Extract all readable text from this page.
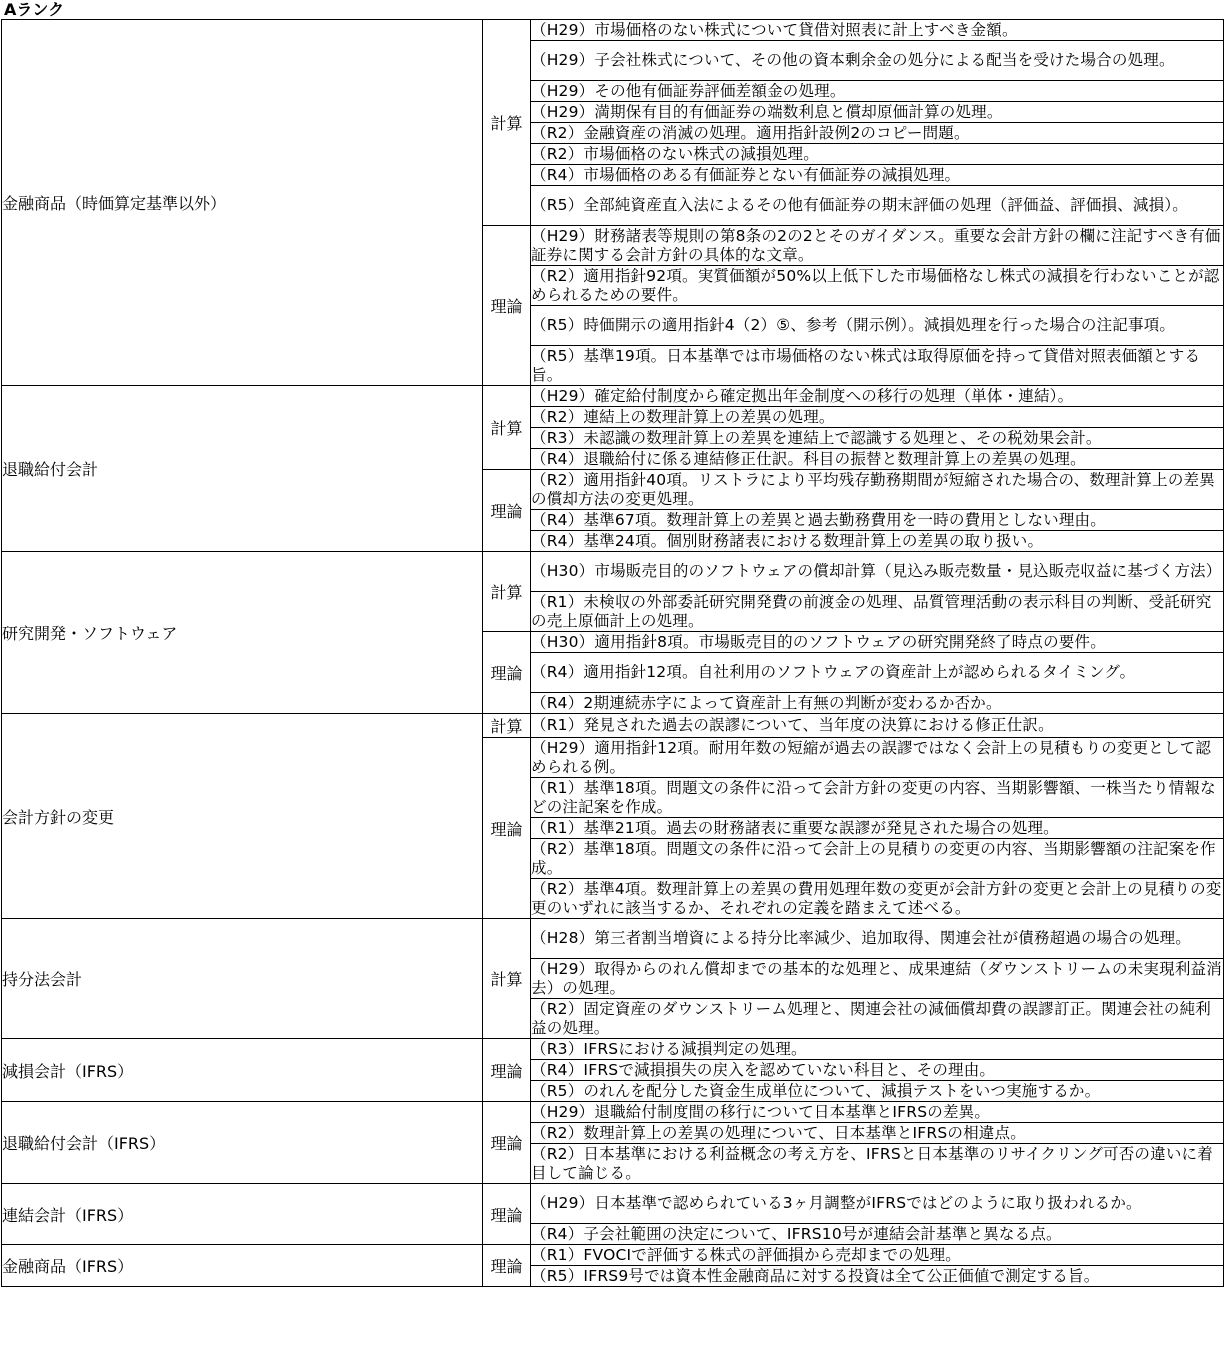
Aランク
金融商品（時価算定基準以外）	計算	（H29）市場価格のない株式について貸借対照表に計上すべき金額。
		（H29）子会社株式について、その他の資本剰余金の処分による配当を受けた場合の処理。
		（H29）その他有価証券評価差額金の処理。
		（H29）満期保有目的有価証券の端数利息と償却原価計算の処理。
		（R2）金融資産の消滅の処理。適用指針設例2のコピー問題。
		（R2）市場価格のない株式の減損処理。
		（R4）市場価格のある有価証券とない有価証券の減損処理。
		（R5）全部純資産直入法によるその他有価証券の期末評価の処理（評価益、評価損、減損）。
	理論	（H29）財務諸表等規則の第8条の2の2とそのガイダンス。重要な会計方針の欄に注記すべき有価証券に関する会計方針の具体的な文章。
		（R2）適用指針92項。実質価額が50%以上低下した市場価格なし株式の減損を行わないことが認められるための要件。
		（R5）時価開示の適用指針4（2）⑤、参考（開示例）。減損処理を行った場合の注記事項。
		（R5）基準19項。日本基準では市場価格のない株式は取得原価を持って貸借対照表価額とする旨。
退職給付会計	計算	（H29）確定給付制度から確定拠出年金制度への移行の処理（単体・連結）。
		（R2）連結上の数理計算上の差異の処理。
		（R3）未認識の数理計算上の差異を連結上で認識する処理と、その税効果会計。
		（R4）退職給付に係る連結修正仕訳。科目の振替と数理計算上の差異の処理。
	理論	（R2）適用指針40項。リストラにより平均残存勤務期間が短縮された場合の、数理計算上の差異の償却方法の変更処理。
		（R4）基準67項。数理計算上の差異と過去勤務費用を一時の費用としない理由。
		（R4）基準24項。個別財務諸表における数理計算上の差異の取り扱い。
研究開発・ソフトウェア	計算	（H30）市場販売目的のソフトウェアの償却計算（見込み販売数量・見込販売収益に基づく方法）
		（R1）未検収の外部委託研究開発費の前渡金の処理、品質管理活動の表示科目の判断、受託研究の売上原価計上の処理。
	理論	（H30）適用指針8項。市場販売目的のソフトウェアの研究開発終了時点の要件。
		（R4）適用指針12項。自社利用のソフトウェアの資産計上が認められるタイミング。
		（R4）2期連続赤字によって資産計上有無の判断が変わるか否か。
会計方針の変更	計算	（R1）発見された過去の誤謬について、当年度の決算における修正仕訳。
	理論	（H29）適用指針12項。耐用年数の短縮が過去の誤謬ではなく会計上の見積もりの変更として認められる例。
		（R1）基準18項。問題文の条件に沿って会計方針の変更の内容、当期影響額、一株当たり情報などの注記案を作成。
		（R1）基準21項。過去の財務諸表に重要な誤謬が発見された場合の処理。
		（R2）基準18項。問題文の条件に沿って会計上の見積りの変更の内容、当期影響額の注記案を作成。
		（R2）基準4項。数理計算上の差異の費用処理年数の変更が会計方針の変更と会計上の見積りの変更のいずれに該当するか、それぞれの定義を踏まえて述べる。
持分法会計	計算	（H28）第三者割当増資による持分比率減少、追加取得、関連会社が債務超過の場合の処理。
		（H29）取得からのれん償却までの基本的な処理と、成果連結（ダウンストリームの未実現利益消去）の処理。
		（R2）固定資産のダウンストリーム処理と、関連会社の減価償却費の誤謬訂正。関連会社の純利益の処理。
減損会計（IFRS）	理論	（R3）IFRSにおける減損判定の処理。
		（R4）IFRSで減損損失の戻入を認めていない科目と、その理由。
		（R5）のれんを配分した資金生成単位について、減損テストをいつ実施するか。
退職給付会計（IFRS）	理論	（H29）退職給付制度間の移行について日本基準とIFRSの差異。
		（R2）数理計算上の差異の処理について、日本基準とIFRSの相違点。
		（R2）日本基準における利益概念の考え方を、IFRSと日本基準のリサイクリング可否の違いに着目して論じる。
連結会計（IFRS）	理論	（H29）日本基準で認められている3ヶ月調整がIFRSではどのように取り扱われるか。
		（R4）子会社範囲の決定について、IFRS10号が連結会計基準と異なる点。
金融商品（IFRS）	理論	（R1）FVOCIで評価する株式の評価損から売却までの処理。
		（R5）IFRS9号では資本性金融商品に対する投資は全て公正価値で測定する旨。
